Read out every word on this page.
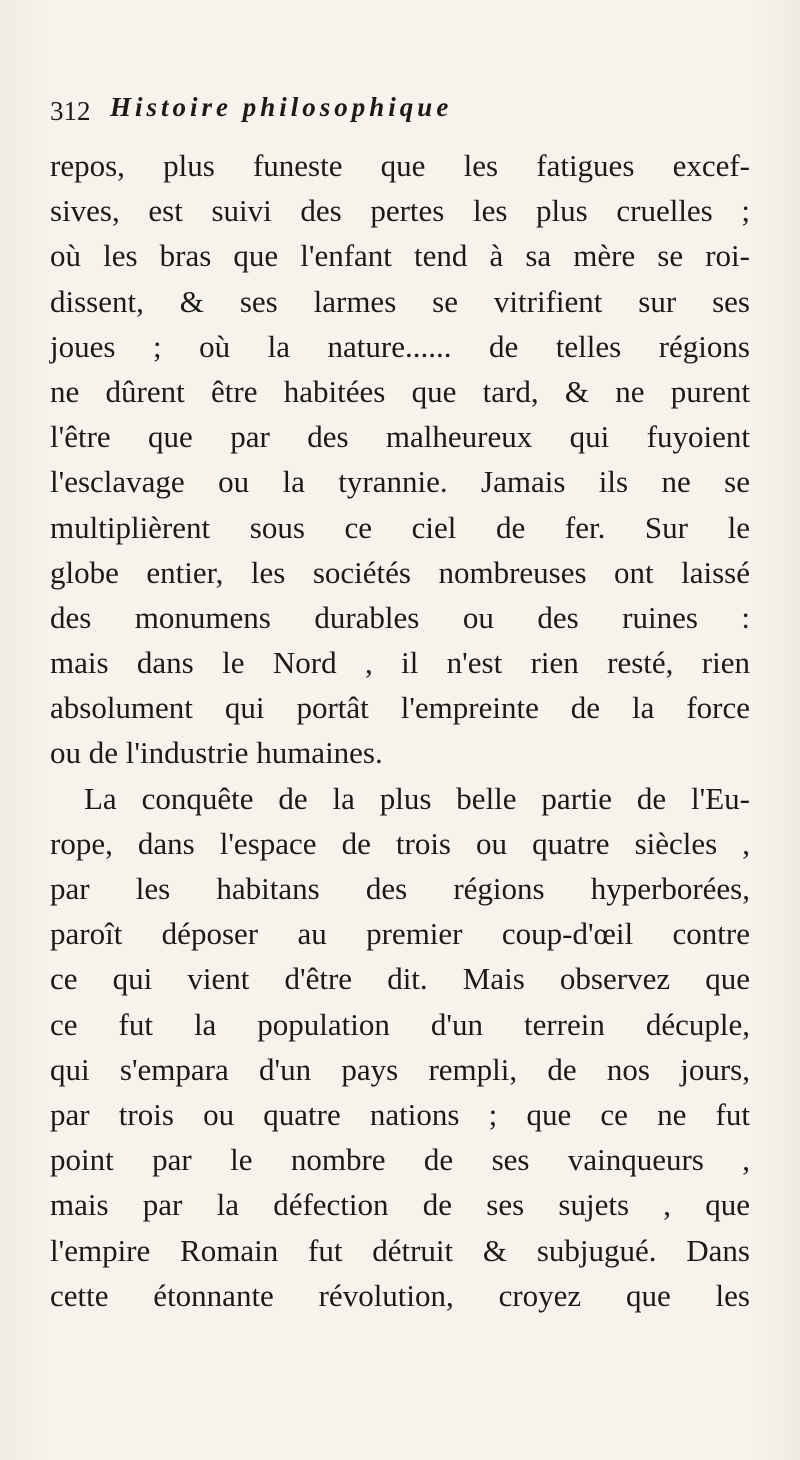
312 Histoire philosophique
repos, plus funeste que les fatigues excef-
sives, est suivi des pertes les plus cruelles ;
où les bras que l'enfant tend à sa mère se roi-
dissent, & ses larmes se vitrifient sur ses
joues ; où la nature...... de telles régions
ne dûrent être habitées que tard, & ne purent
l'être que par des malheureux qui fuyoient
l'esclavage ou la tyrannie. Jamais ils ne se
multiplièrent sous ce ciel de fer. Sur le
globe entier, les sociétés nombreuses ont laissé
des monumens durables ou des ruines :
mais dans le Nord , il n'est rien resté, rien
absolument qui portât l'empreinte de la force
ou de l'industrie humaines.
La conquête de la plus belle partie de l'Eu-
rope, dans l'espace de trois ou quatre siècles ,
par les habitans des régions hyperborées,
paroît déposer au premier coup-d'œil contre
ce qui vient d'être dit. Mais observez que
ce fut la population d'un terrein décuple,
qui s'empara d'un pays rempli, de nos jours,
par trois ou quatre nations ; que ce ne fut
point par le nombre de ses vainqueurs ,
mais par la défection de ses sujets , que
l'empire Romain fut détruit & subjugué. Dans
cette étonnante révolution, croyez que les
